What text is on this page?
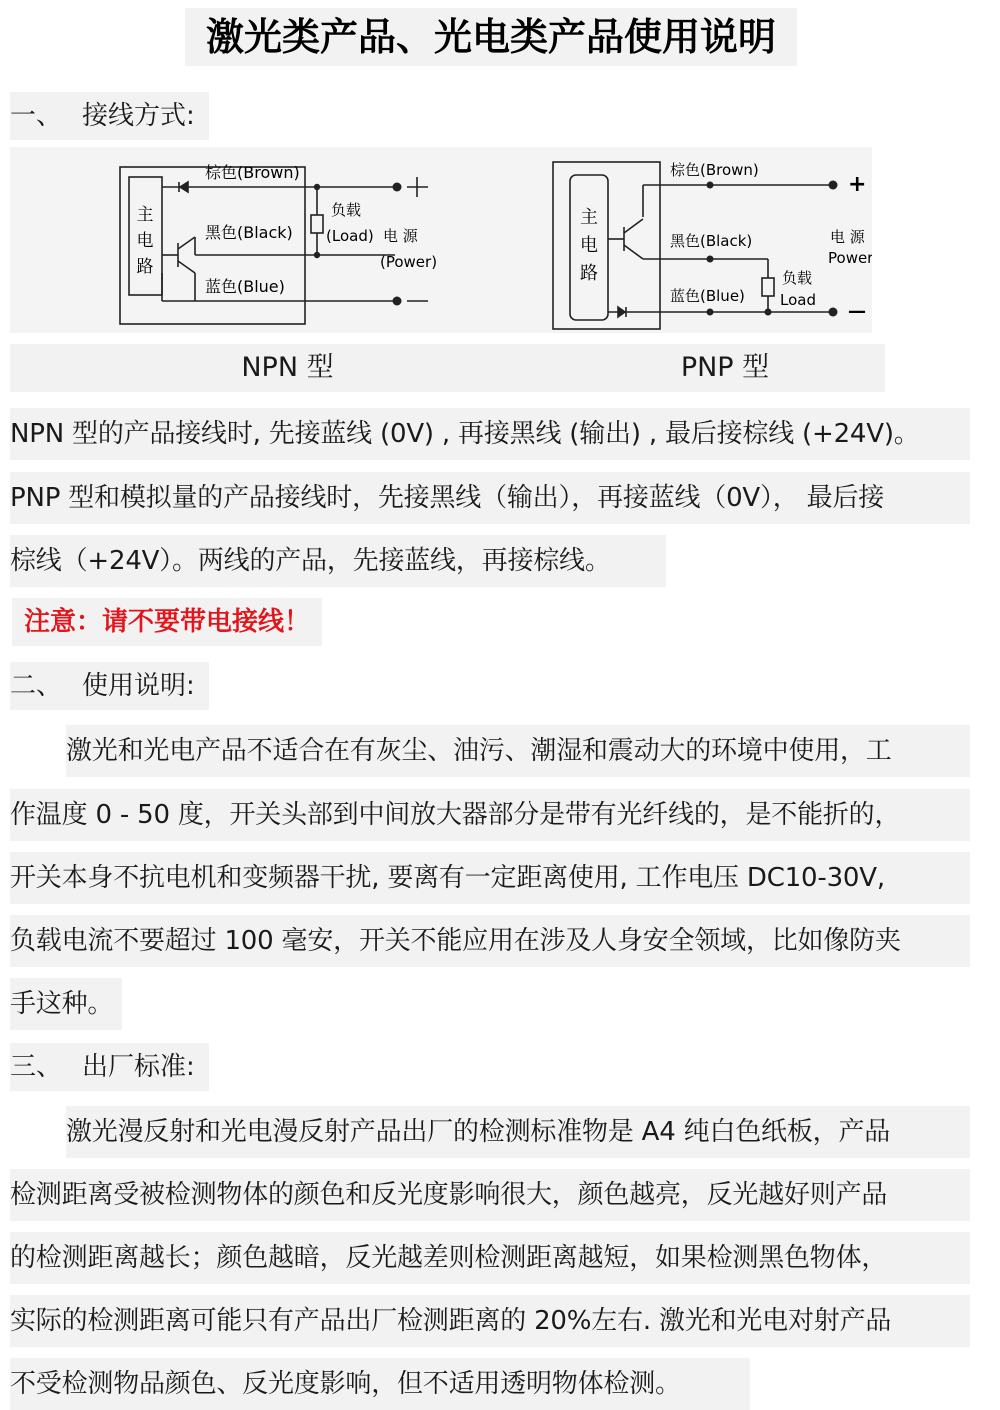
激光类产品、光电类产品使用说明
一、 接线方式:
主
电
路
棕色(Brown)
黑色(Black)
蓝色(Blue)
负载
(Load) 电 源
(Power)
NPN 型
主
电
路
棕色(Brown)
黑色(Black)
蓝色(Blue)
负载
Load
电 源
Power
+
—
PNP 型
NPN 型的产品接线时, 先接蓝线 (0V) , 再接黑线 (输出) , 最后接棕线 (+24V)。
PNP 型和模拟量的产品接线时，先接黑线（输出），再接蓝线（0V）， 最后接
棕线（+24V）。两线的产品，先接蓝线，再接棕线。
注意：请不要带电接线！
二、 使用说明:
激光和光电产品不适合在有灰尘、油污、潮湿和震动大的环境中使用，工
作温度 0 - 50 度，开关头部到中间放大器部分是带有光纤线的，是不能折的，
开关本身不抗电机和变频器干扰, 要离有一定距离使用, 工作电压 DC10-30V,
负载电流不要超过 100 毫安，开关不能应用在涉及人身安全领域，比如像防夹
手这种。
三、 出厂标准:
激光漫反射和光电漫反射产品出厂的检测标准物是 A4 纯白色纸板，产品
检测距离受被检测物体的颜色和反光度影响很大，颜色越亮，反光越好则产品
的检测距离越长；颜色越暗，反光越差则检测距离越短，如果检测黑色物体，
实际的检测距离可能只有产品出厂检测距离的 20%左右. 激光和光电对射产品
不受检测物品颜色、反光度影响，但不适用透明物体检测。
